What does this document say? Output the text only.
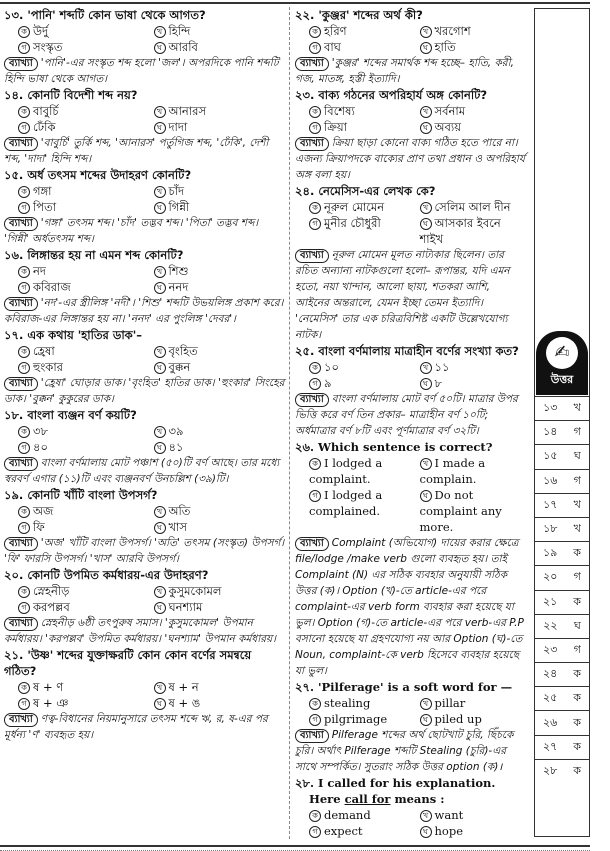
১৩. 'পানি' শব্দটি কোন ভাষা থেকে আগত?
ক উর্দু	খ হিন্দি
গ সংস্কৃত	ঘ আরবি
ব্যাখ্যা 'পানি'-এর সংস্কৃত শব্দ হলো 'জল'। অপরদিকে পানি শব্দটি হিন্দি ভাষা থেকে আগত।
১৪. কোনটি বিদেশী শব্দ নয়?
ক বাবুর্চি	খ আনারস
গ ঢেঁকি	ঘ দাদা
ব্যাখ্যা 'বাবুর্চি' তুর্কি শব্দ, 'আনারস' পর্তুগিজ শব্দ, 'ঢেঁকি', দেশী শব্দ, 'দাদা' হিন্দি শব্দ।
১৫. অর্ধ তৎসম শব্দের উদাহরণ কোনটি?
ক গঙ্গা	খ চাঁদ
গ পিতা	ঘ গিন্নী
ব্যাখ্যা 'গঙ্গা' তৎসম শব্দ। 'চাঁদ' তদ্ভব শব্দ। 'পিতা' তদ্ভব শব্দ। 'গিন্নী' অর্ধতৎসম শব্দ।
১৬. লিঙ্গান্তর হয় না এমন শব্দ কোনটি?
ক নদ	খ শিশু
গ কবিরাজ	ঘ ননদ
ব্যাখ্যা 'নদ'-এর স্ত্রীলিঙ্গ 'নদী'। 'শিশু' শব্দটি উভয়লিঙ্গ প্রকাশ করে। কবিরাজ-এর লিঙ্গান্তর হয় না। 'ননদ' এর পুংলিঙ্গ 'দেবর'।
১৭. এক কথায় 'হাতির ডাক'–
ক হ্রেষা	খ বৃংহিত
গ হুংকার	ঘ বুক্কন
ব্যাখ্যা 'হ্রেষা' ঘোড়ার ডাক। 'বৃংহিত' হাতির ডাক। 'হুংকার' সিংহের ডাক। 'বুক্কন' কুকুরের ডাক।
১৮. বাংলা ব্যঞ্জন বর্ণ কয়টি?
ক ৩৮	খ ৩৯
গ ৪০	ঘ ৪১
ব্যাখ্যা বাংলা বর্ণমালায় মোট পঞ্চাশ (৫০)টি বর্ণ আছে। তার মধ্যে স্বরবর্ণ এগার (১১)টি এবং ব্যঞ্জনবর্ণ উনচল্লিশ (৩৯)টি।
১৯. কোনটি খাঁটি বাংলা উপসর্গ?
ক অজ	খ অতি
গ ফি	ঘ খাস
ব্যাখ্যা 'অজ' খাঁটি বাংলা উপসর্গ। 'অতি' তৎসম (সংস্কৃত) উপসর্গ। 'ফি' ফারসি উপসর্গ। 'খাস' আরবি উপসর্গ।
২০. কোনটি উপমিত কর্মধারয়-এর উদাহরণ?
ক স্নেহনীড়	খ কুসুমকোমল
গ করপল্লব	ঘ ঘনশ্যাম
ব্যাখ্যা স্নেহনীড় ৬ষ্ঠী তৎপুরুষ সমাস। 'কুসুমকোমল' উপমান কর্মধারয়। 'করপল্লব' উপমিত কর্মধারয়। 'ঘনশ্যাম' উপমান কর্মধারয়।
২১. 'উষ্ণ' শব্দের যুক্তাক্ষরটি কোন কোন বর্ণের সমন্বয়ে গঠিত?
ক ষ + ণ	খ ষ + ন
গ ষ + ঞ	ঘ ষ + ঙ
ব্যাখ্যা ণত্ব-বিধানের নিয়মানুসারে তৎসম শব্দে ঋ, র, ষ-এর পর মূর্ধন্য 'ণ' ব্যবহৃত হয়।
২২. 'কুঞ্জর' শব্দের অর্থ কী?
ক হরিণ	খ খরগোশ
গ বাঘ	ঘ হাতি
ব্যাখ্যা 'কুঞ্জর' শব্দের সমার্থক শব্দ হচ্ছে– হাতি, করী, গজ, মাতঙ্গ, হস্তী ইত্যাদি।
২৩. বাক্য গঠনের অপরিহার্য অঙ্গ কোনটি?
ক বিশেষ্য	খ সর্বনাম
গ ক্রিয়া	ঘ অব্যয়
ব্যাখ্যা ক্রিয়া ছাড়া কোনো বাক্য গঠিত হতে পারে না। এজন্য ক্রিয়াপদকে বাক্যের প্রাণ তথা প্রধান ও অপরিহার্য অঙ্গ বলা হয়।
২৪. নেমেসিস-এর লেখক কে?
ক নূরুল মোমেন	খ সেলিম আল দীন
গ মুনীর চৌধুরী	ঘ আসকার ইবনে শাইখ
ব্যাখ্যা নূরুল মোমেন মূলত নাট্যকার ছিলেন। তার রচিত অন্যান্য নাটকগুলো হলো– রূপান্তর, যদি এমন হতো, নয়া খান্দান, আলো ছায়া, শতকরা আশি, আইনের অন্তরালে, যেমন ইচ্ছা তেমন ইত্যাদি। 'নেমেসিস' তার এক চরিত্রবিশিষ্ট একটি উল্লেখযোগ্য নাটক।
২৫. বাংলা বর্ণমালায় মাত্রাহীন বর্ণের সংখ্যা কত?
ক ১০	খ ১১
গ ৯	ঘ ৮
ব্যাখ্যা বাংলা বর্ণমালায় মোট বর্ণ ৫০টি। মাত্রার উপর ভিত্তি করে বর্ণ তিন প্রকার– মাত্রাহীন বর্ণ ১০টি; অর্ধমাত্রার বর্ণ ৮টি এবং পূর্ণমাত্রার বর্ণ ৩২টি।
২৬. Which sentence is correct?
ক I lodged a complaint.
খ I made a complain.
গ I lodged a complained.
ঘ Do not complaint any more.
ব্যাখ্যা Complaint (অভিযোগ) দায়ের করার ক্ষেত্রে file/lodge /make verb গুলো ব্যবহৃত হয়। তাই Complaint (N) এর সঠিক ব্যবহার অনুযায়ী সঠিক উত্তর (ক)। Option (খ)-তে article-এর পরে complaint-এর verb form ব্যবহার করা হয়েছে যা ভুল। Option (গ)-তে article-এর পরে verb-এর P.P বসানো হয়েছে যা গ্রহণযোগ্য নয় আর Option (ঘ)-তে Noun, complaint-কে verb হিসেবে ব্যবহার হয়েছে যা ভুল।
২৭. 'Pilferage' is a soft word for —
ক stealing	খ pillar
গ pilgrimage	ঘ piled up
ব্যাখ্যা Pilferage শব্দের অর্থ ছোটখাট চুরি, ছিঁচকে চুরি। অর্থাৎ Pilferage শব্দটি Stealing (চুরি)-এর সাথে সম্পর্কিত। সুতরাং সঠিক উত্তর option (ক)।
২৮. I called for his explanation.
Here call for means :
ক demand	খ want
গ expect	ঘ hope
✍
উত্তর
১৩ খ
১৪ গ
১৫ ঘ
১৬ গ
১৭ খ
১৮ খ
১৯ ক
২০ গ
২১ ক
২২ ঘ
২৩ গ
২৪ ক
২৫ ক
২৬ ক
২৭ ক
২৮ ক
